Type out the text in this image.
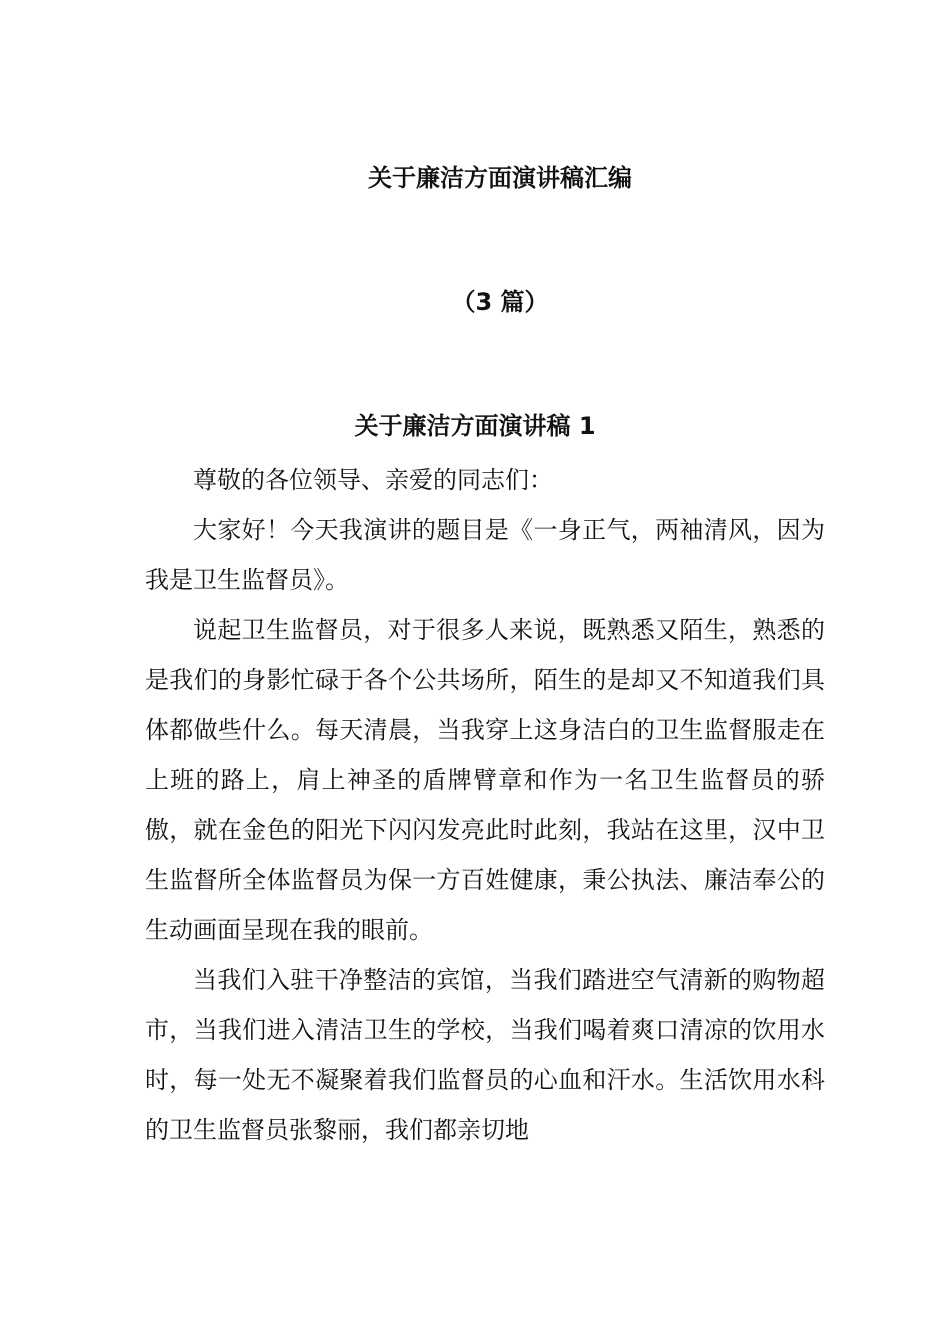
关于廉洁方面演讲稿汇编
（3 篇）
关于廉洁方面演讲稿 1

尊敬的各位领导、亲爱的同志们：

大家好！今天我演讲的题目是《一身正气，两袖清风，因为我是卫生监督员》。

说起卫生监督员，对于很多人来说，既熟悉又陌生，熟悉的是我们的身影忙碌于各个公共场所，陌生的是却又不知道我们具体都做些什么。每天清晨，当我穿上这身洁白的卫生监督服走在上班的路上，肩上神圣的盾牌臂章和作为一名卫生监督员的骄傲，就在金色的阳光下闪闪发亮此时此刻，我站在这里，汉中卫生监督所全体监督员为保一方百姓健康，秉公执法、廉洁奉公的生动画面呈现在我的眼前。

当我们入驻干净整洁的宾馆，当我们踏进空气清新的购物超市，当我们进入清洁卫生的学校，当我们喝着爽口清凉的饮用水时，每一处无不凝聚着我们监督员的心血和汗水。生活饮用水科的卫生监督员张黎丽，我们都亲切地
